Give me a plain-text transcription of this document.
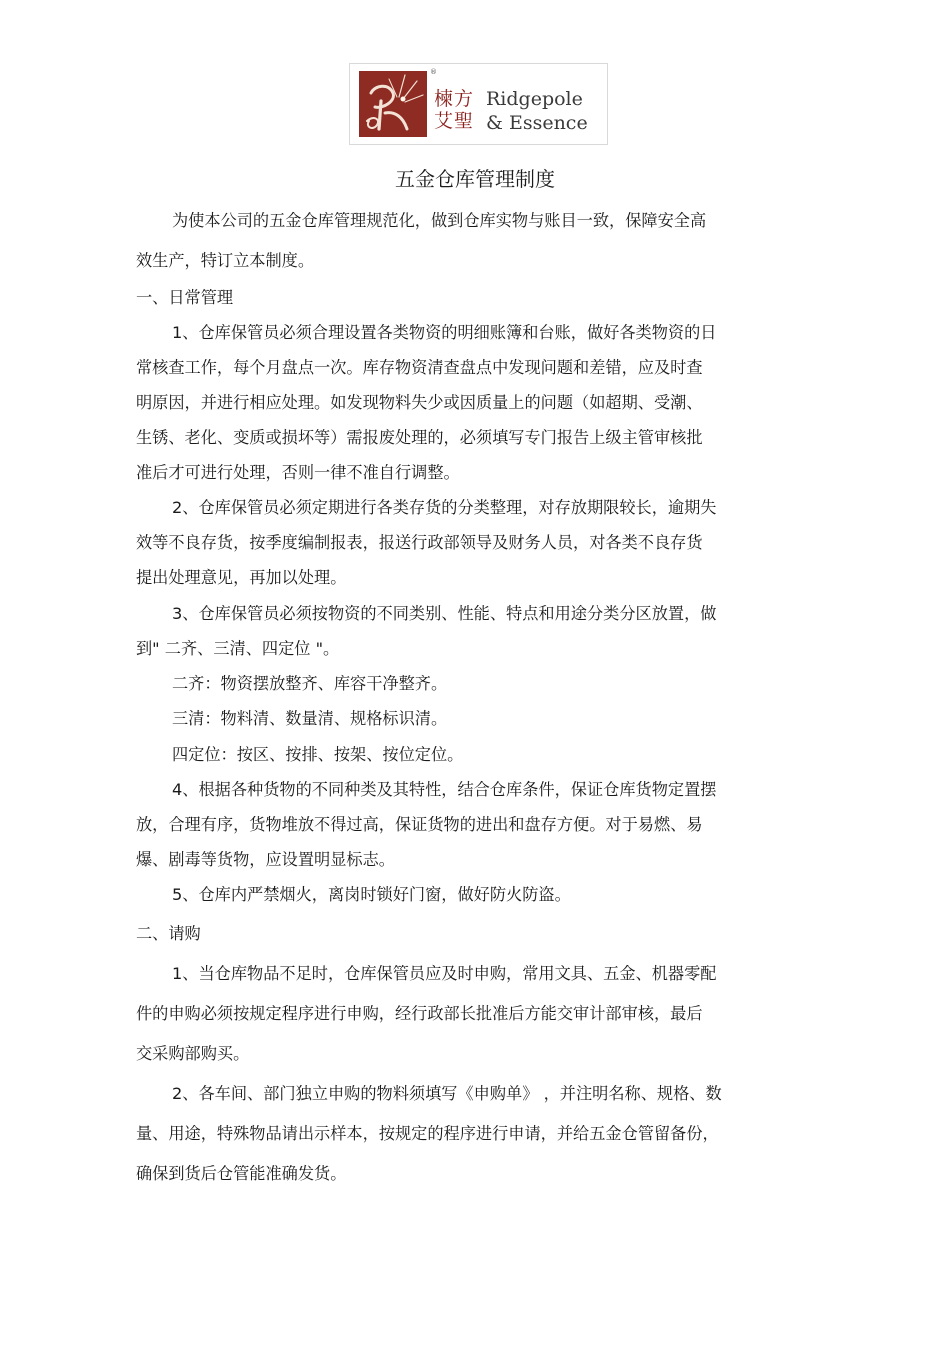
®
楝方
艾聖
Ridgepole
& Essence
五金仓库管理制度
为使本公司的五金仓库管理规范化，做到仓库实物与账目一致，保障安全高
效生产，特订立本制度。
一、日常管理
1、仓库保管员必须合理设置各类物资的明细账簿和台账，做好各类物资的日
常核查工作，每个月盘点一次。库存物资清查盘点中发现问题和差错，应及时查
明原因，并进行相应处理。如发现物料失少或因质量上的问题（如超期、受潮、
生锈、老化、变质或损坏等）需报废处理的，必须填写专门报告上级主管审核批
准后才可进行处理，否则一律不准自行调整。
2、仓库保管员必须定期进行各类存货的分类整理，对存放期限较长，逾期失
效等不良存货，按季度编制报表，报送行政部领导及财务人员，对各类不良存货
提出处理意见，再加以处理。
3、仓库保管员必须按物资的不同类别、性能、特点和用途分类分区放置，做
到" 二齐、三清、四定位 "。
二齐：物资摆放整齐、库容干净整齐。
三清：物料清、数量清、规格标识清。
四定位：按区、按排、按架、按位定位。
4、根据各种货物的不同种类及其特性，结合仓库条件，保证仓库货物定置摆
放，合理有序，货物堆放不得过高，保证货物的进出和盘存方便。对于易燃、易
爆、剧毒等货物，应设置明显标志。
5、仓库内严禁烟火，离岗时锁好门窗，做好防火防盗。
二、请购
1、当仓库物品不足时，仓库保管员应及时申购，常用文具、五金、机器零配
件的申购必须按规定程序进行申购，经行政部长批准后方能交审计部审核，最后
交采购部购买。
2、各车间、部门独立申购的物料须填写《申购单》 ，并注明名称、规格、数
量、用途，特殊物品请出示样本，按规定的程序进行申请，并给五金仓管留备份，
确保到货后仓管能准确发货。
